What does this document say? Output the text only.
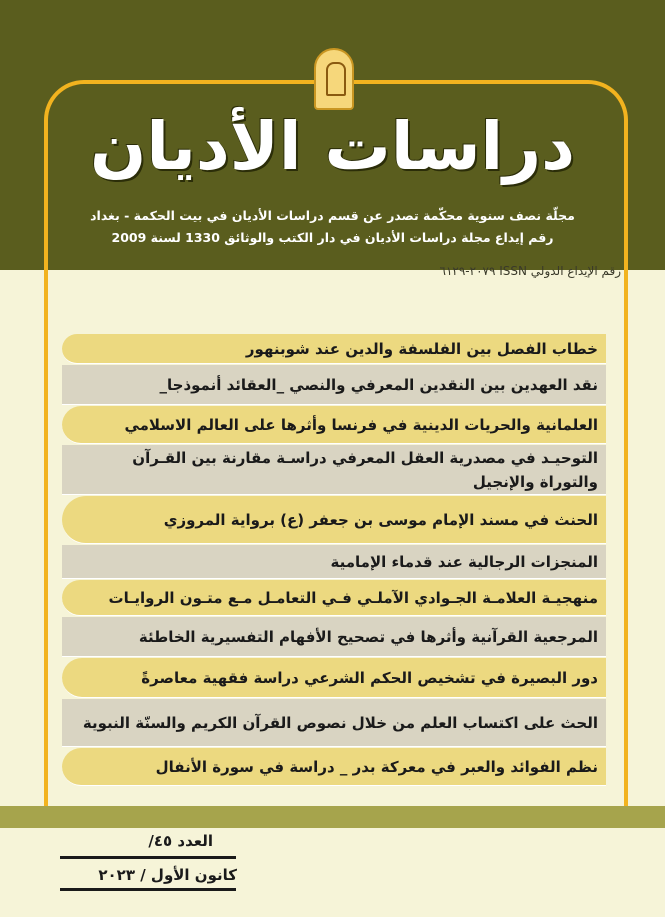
دراسات الأديان
مجلّة نصف سنوية محكّمة تصدر عن قسم دراسات الأديان في بيت الحكمة - بغداد
رقم إيداع مجلة دراسات الأديان في دار الكتب والوثائق 1330 لسنة 2009
رقم الإيداع الدولي ISSN ٢٠٧٩-٦١٢٩
خطاب الفصل بين الفلسفة والدين عند شوبنهور
نقد العهدين بين النقدين المعرفي والنصي _العقائد أنموذجا_
العلمانية والحريات الدينية في فرنسا وأثرها على العالم الاسلامي
التوحيـد في مصدرية العقل المعرفي دراسـة مقارنة بين القـرآن والتوراة والإنجيل
الحنث في مسند الإمام موسى بن جعفر (ع) برواية المروزي
المنجزات الرجالية عند قدماء الإمامية
منهجيـة العلامـة الجـوادي الآملـي فـي التعامـل مـع متـون الروايـات
المرجعية القرآنية وأثرها في تصحيح الأفهام التفسيرية الخاطئة
دور البصيرة في تشخيص الحكم الشرعي دراسة فقهية معاصرةً
الحث على اكتساب العلم من خلال نصوص القرآن الكريم والسنّة النبوية
نظم الفوائد والعبر في معركة بدر _ دراسة في سورة الأنفال
العدد ٤٥/
كانون الأول / ٢٠٢٣
